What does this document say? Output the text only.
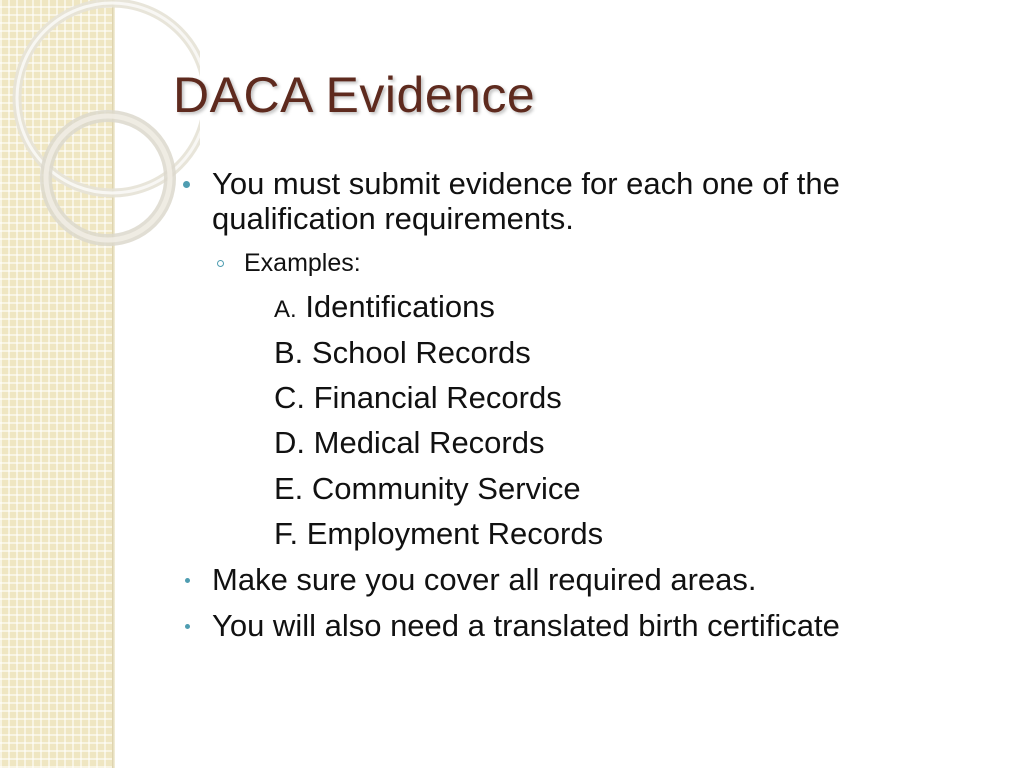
DACA Evidence
You must submit evidence for each one of the
qualification requirements.
Examples:
A. Identifications
B. School Records
C. Financial Records
D. Medical Records
E. Community Service
F. Employment Records
Make sure you cover all required areas.
You will also need a translated birth certificate
